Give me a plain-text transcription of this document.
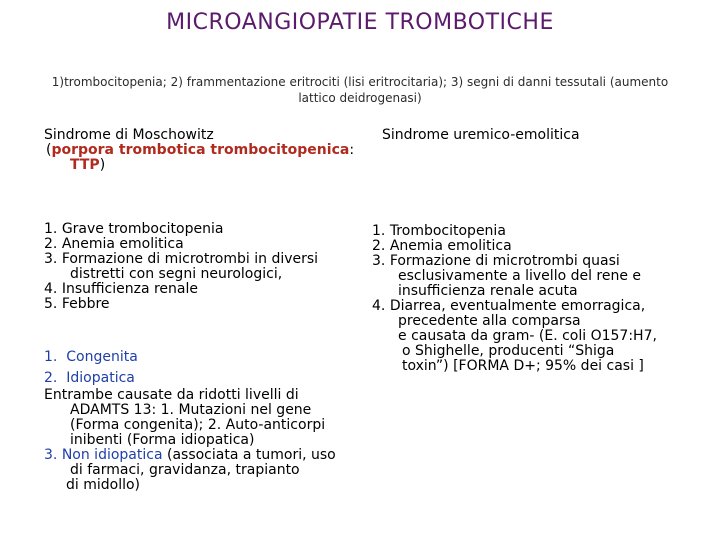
MICROANGIOPATIE TROMBOTICHE
1)trombocitopenia; 2) frammentazione eritrociti (lisi eritrocitaria); 3) segni di danni tessutali (aumento lattico deidrogenasi)
Sindrome di Moschowitz
(porpora trombotica trombocitopenica:
TTP)
1. Grave trombocitopenia
2. Anemia emolitica
3. Formazione di microtrombi in diversi
distretti con segni neurologici,
4. Insufficienza renale
5. Febbre
1. Congenita
2. Idiopatica
Entrambe causate da ridotti livelli di
ADAMTS 13: 1. Mutazioni nel gene
(Forma congenita); 2. Auto-anticorpi
inibenti (Forma idiopatica)
3. Non idiopatica (associata a tumori, uso
di farmaci, gravidanza, trapianto
di midollo)
Sindrome uremico-emolitica
1. Trombocitopenia
2. Anemia emolitica
3. Formazione di microtrombi quasi
esclusivamente a livello del rene e
insufficienza renale acuta
4. Diarrea, eventualmente emorragica,
precedente alla comparsa
e causata da gram- (E. coli O157:H7,
o Shighelle, producenti “Shiga
toxin”) [FORMA D+; 95% dei casi ]
